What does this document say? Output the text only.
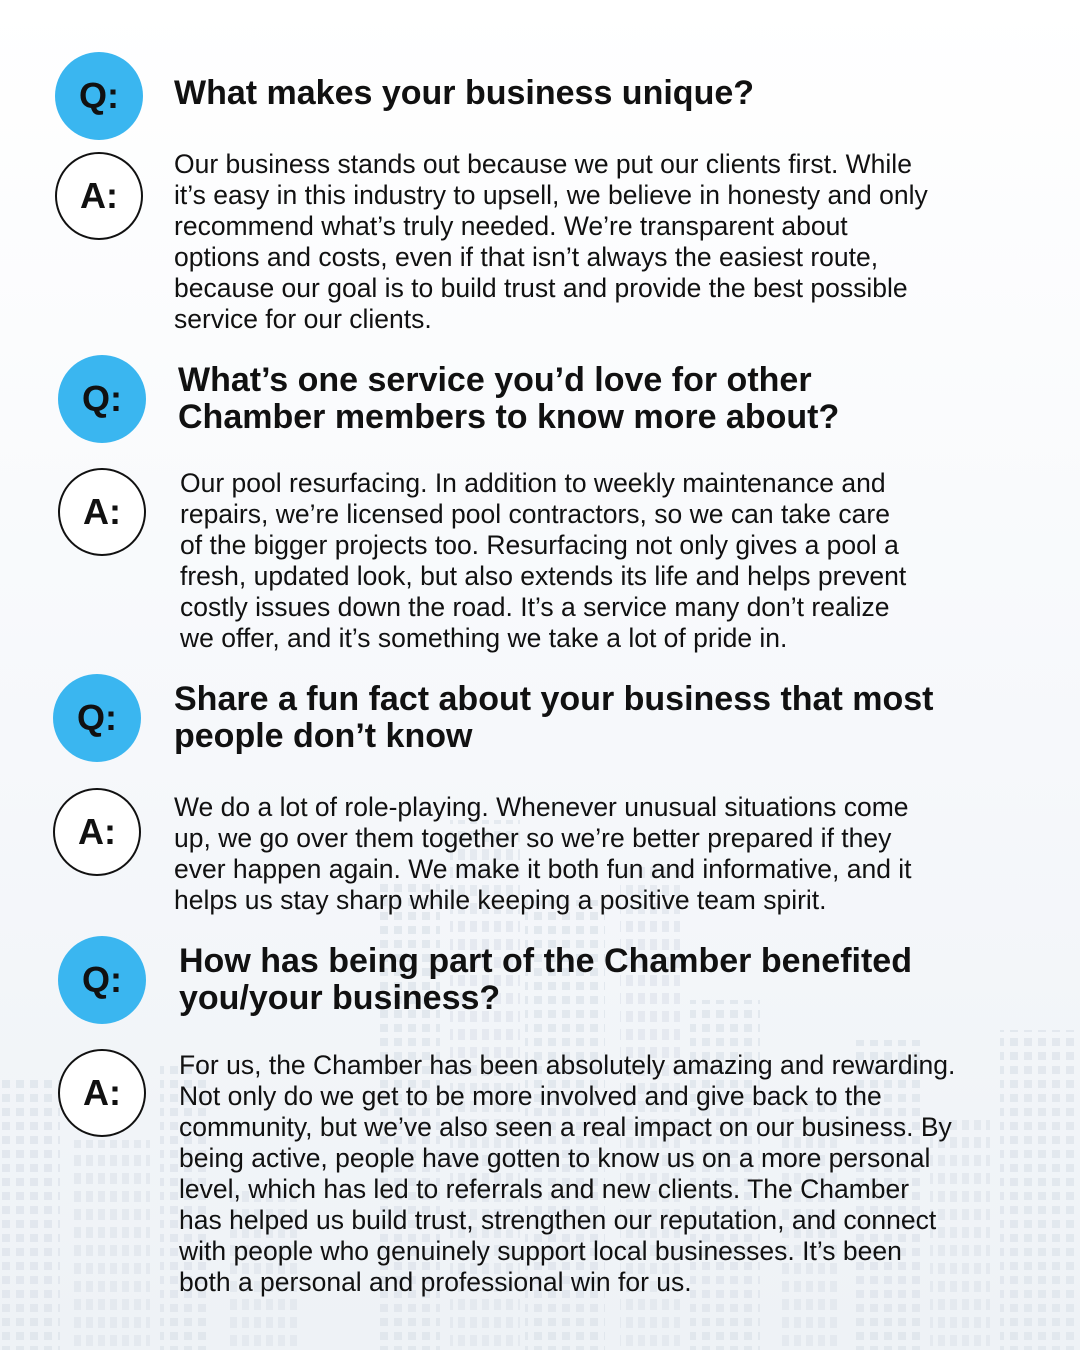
Q:	What makes your business unique?
A:
Our business stands out because we put our clients first. While
it’s easy in this industry to upsell, we believe in honesty and only
recommend what’s truly needed. We’re transparent about
options and costs, even if that isn’t always the easiest route,
because our goal is to build trust and provide the best possible
service for our clients.
Q:	What’s one service you’d love for other
Chamber members to know more about?
A:
Our pool resurfacing. In addition to weekly maintenance and
repairs, we’re licensed pool contractors, so we can take care
of the bigger projects too. Resurfacing not only gives a pool a
fresh, updated look, but also extends its life and helps prevent
costly issues down the road. It’s a service many don’t realize
we offer, and it’s something we take a lot of pride in.
Q:	Share a fun fact about your business that most
people don’t know
A:
We do a lot of role-playing. Whenever unusual situations come
up, we go over them together so we’re better prepared if they
ever happen again. We make it both fun and informative, and it
helps us stay sharp while keeping a positive team spirit.
Q:	How has being part of the Chamber benefited
you/your business?
A:
For us, the Chamber has been absolutely amazing and rewarding.
Not only do we get to be more involved and give back to the
community, but we’ve also seen a real impact on our business. By
being active, people have gotten to know us on a more personal
level, which has led to referrals and new clients. The Chamber
has helped us build trust, strengthen our reputation, and connect
with people who genuinely support local businesses. It’s been
both a personal and professional win for us.
